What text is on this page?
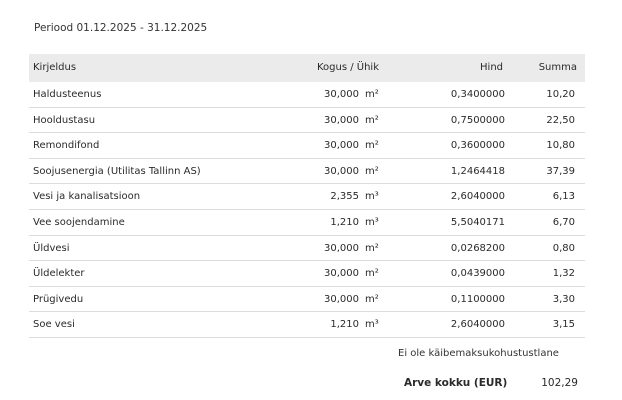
Periood 01.12.2025 - 31.12.2025
Kirjeldus	Kogus / Ühik	Hind	Summa
Haldusteenus	30,000 m²	0,3400000	10,20
Hooldustasu	30,000 m²	0,7500000	22,50
Remondifond	30,000 m²	0,3600000	10,80
Soojusenergia (Utilitas Tallinn AS)	30,000 m²	1,2464418	37,39
Vesi ja kanalisatsioon	2,355 m³	2,6040000	6,13
Vee soojendamine	1,210 m³	5,5040171	6,70
Üldvesi	30,000 m²	0,0268200	0,80
Üldelekter	30,000 m²	0,0439000	1,32
Prügivedu	30,000 m²	0,1100000	3,30
Soe vesi	1,210 m³	2,6040000	3,15
Ei ole käibemaksukohustustlane
Arve kokku (EUR)	102,29
